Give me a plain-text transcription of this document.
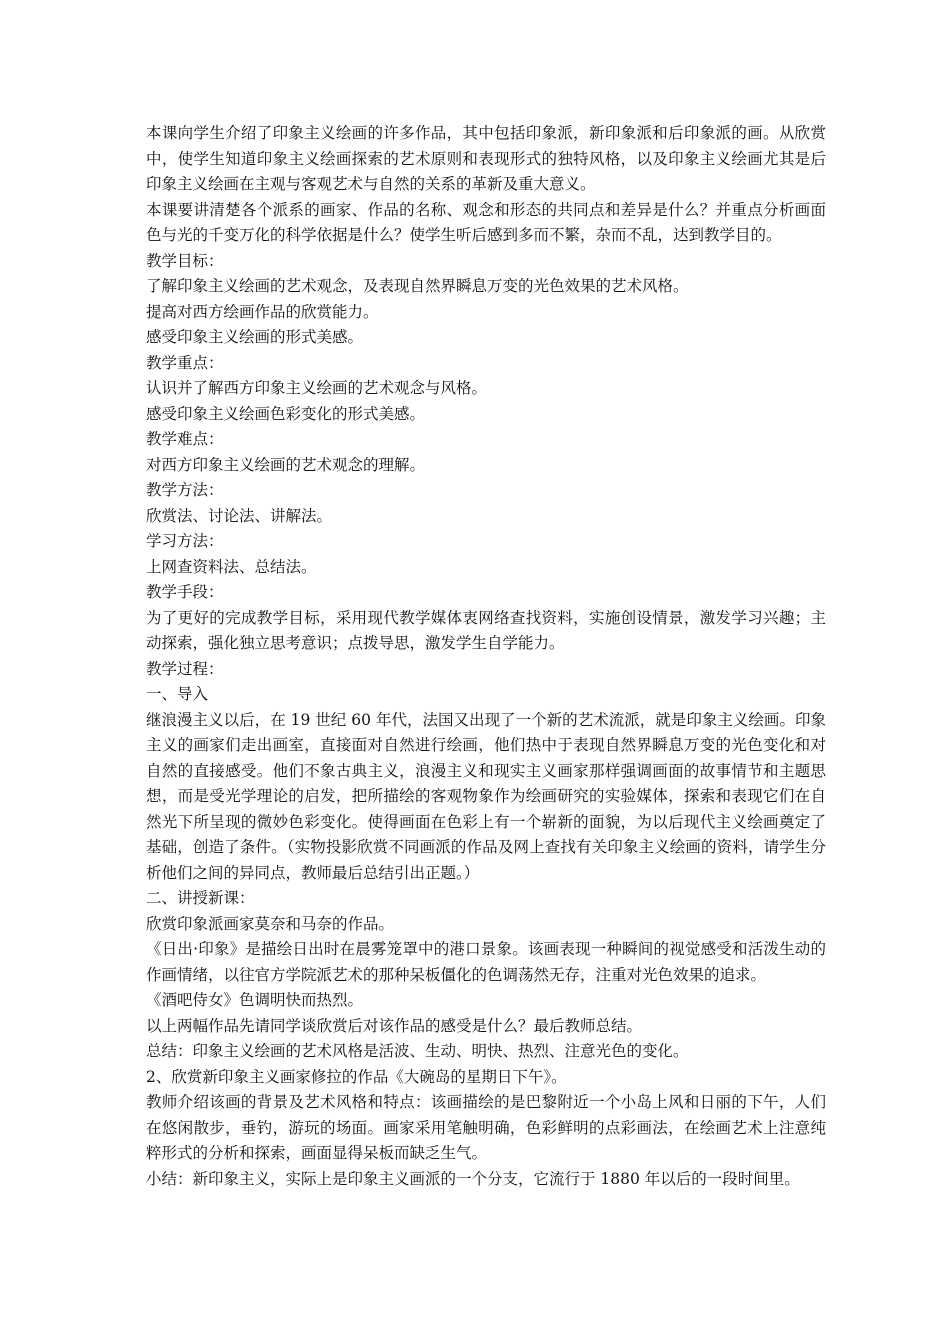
本课向学生介绍了印象主义绘画的许多作品，其中包括印象派，新印象派和后印象派的画。从欣赏中，使学生知道印象主义绘画探索的艺术原则和表现形式的独特风格，以及印象主义绘画尤其是后印象主义绘画在主观与客观艺术与自然的关系的革新及重大意义。

本课要讲清楚各个派系的画家、作品的名称、观念和形态的共同点和差异是什么？并重点分析画面色与光的千变万化的科学依据是什么？使学生听后感到多而不繁，杂而不乱，达到教学目的。

教学目标：

了解印象主义绘画的艺术观念，及表现自然界瞬息万变的光色效果的艺术风格。

提高对西方绘画作品的欣赏能力。

感受印象主义绘画的形式美感。

教学重点：

认识并了解西方印象主义绘画的艺术观念与风格。

感受印象主义绘画色彩变化的形式美感。

教学难点：

对西方印象主义绘画的艺术观念的理解。

教学方法：

欣赏法、讨论法、讲解法。

学习方法：

上网查资料法、总结法。

教学手段：

为了更好的完成教学目标，采用现代教学媒体衷网络查找资料，实施创设情景，激发学习兴趣；主动探索，强化独立思考意识；点拨导思，激发学生自学能力。

教学过程：

一、导入

继浪漫主义以后，在 19 世纪 60 年代，法国又出现了一个新的艺术流派，就是印象主义绘画。印象主义的画家们走出画室，直接面对自然进行绘画，他们热中于表现自然界瞬息万变的光色变化和对自然的直接感受。他们不象古典主义，浪漫主义和现实主义画家那样强调画面的故事情节和主题思想，而是受光学理论的启发，把所描绘的客观物象作为绘画研究的实验媒体，探索和表现它们在自然光下所呈现的微妙色彩变化。使得画面在色彩上有一个崭新的面貌，为以后现代主义绘画奠定了基础，创造了条件。（实物投影欣赏不同画派的作品及网上查找有关印象主义绘画的资料，请学生分析他们之间的异同点，教师最后总结引出正题。）

二、讲授新课：

欣赏印象派画家莫奈和马奈的作品。

《日出·印象》是描绘日出时在晨雾笼罩中的港口景象。该画表现一种瞬间的视觉感受和活泼生动的作画情绪，以往官方学院派艺术的那种呆板僵化的色调荡然无存，注重对光色效果的追求。

《酒吧侍女》色调明快而热烈。

以上两幅作品先请同学谈欣赏后对该作品的感受是什么？最后教师总结。

总结：印象主义绘画的艺术风格是活波、生动、明快、热烈、注意光色的变化。

2、欣赏新印象主义画家修拉的作品《大碗岛的星期日下午》。

教师介绍该画的背景及艺术风格和特点：该画描绘的是巴黎附近一个小岛上风和日丽的下午，人们在悠闲散步，垂钓，游玩的场面。画家采用笔触明确，色彩鲜明的点彩画法，在绘画艺术上注意纯粹形式的分析和探索，画面显得呆板而缺乏生气。

小结：新印象主义，实际上是印象主义画派的一个分支，它流行于 1880 年以后的一段时间里。
